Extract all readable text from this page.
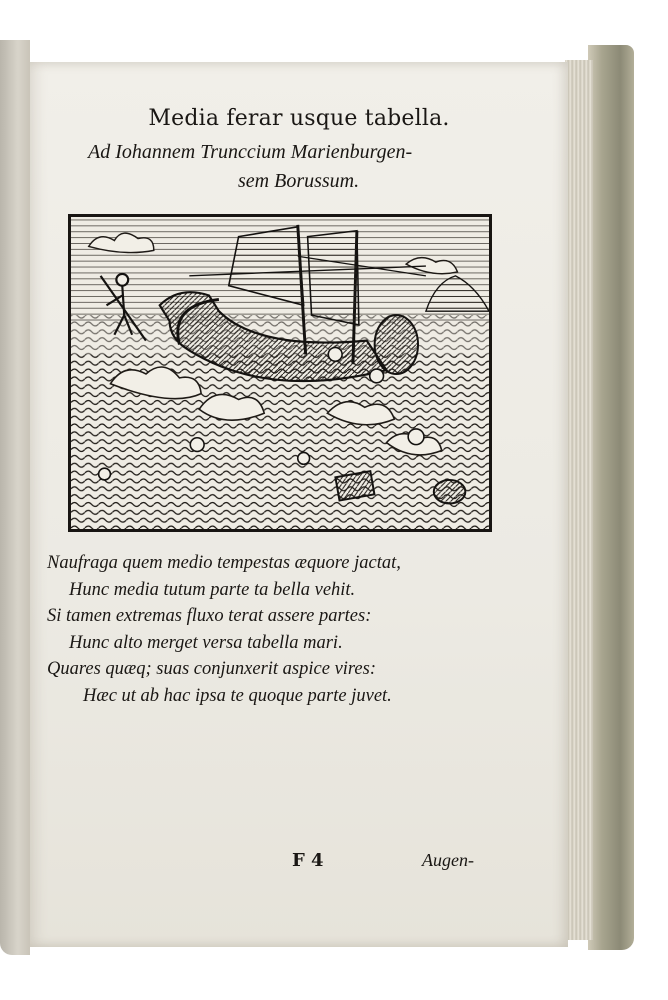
Media ferar usque tabella.
Ad Iohannem Trunccium Marienburgen-
sem Borussum.
Naufraga quem medio tempestas æquore jactat,
Hunc media tutum parte ta bella vehit.
Si tamen extremas fluxo terat assere partes:
Hunc alto merget versa tabella mari.
Quares quæq; suas conjunxerit aspice vires:
Hæc ut ab hac ipsa te quoque parte juvet.
F 4	Augen-
